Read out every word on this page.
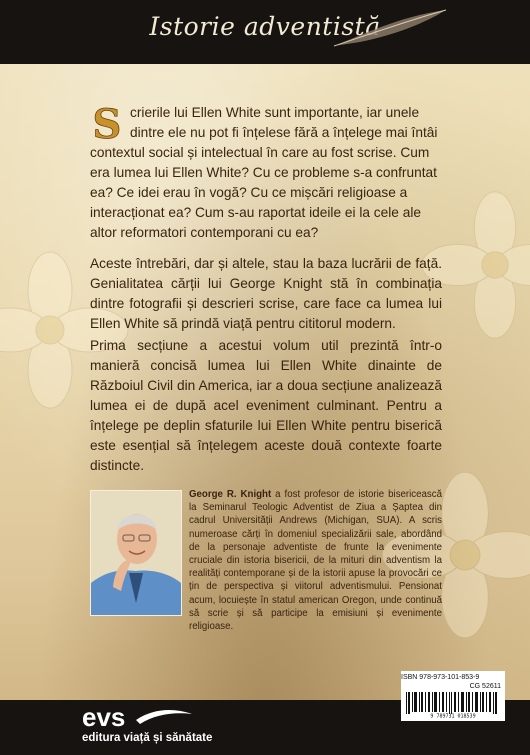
Istorie adventistă
S crierile lui Ellen White sunt importante, iar unele dintre ele nu pot fi înțelese fără a înțelege mai întâi contextul social și intelectual în care au fost scrise. Cum era lumea lui Ellen White? Cu ce probleme s-a confruntat ea? Ce idei erau în vogă? Cu ce mișcări religioase a interacționat ea? Cum s-au raportat ideile ei la cele ale altor reformatori contemporani cu ea?
Aceste întrebări, dar și altele, stau la baza lucrării de față. Genialitatea cărții lui George Knight stă în combinația dintre fotografii și descrieri scrise, care face ca lumea lui Ellen White să prindă viață pentru cititorul modern.
Prima secțiune a acestui volum util prezintă într-o manieră concisă lumea lui Ellen White dinainte de Războiul Civil din America, iar a doua secțiune analizează lumea ei de după acel eveniment culminant. Pentru a înțelege pe deplin sfaturile lui Ellen White pentru biserică este esențial să înțelegem aceste două contexte foarte distincte.
George R. Knight a fost profesor de istorie bisericească la Seminarul Teologic Adventist de Ziua a Șaptea din cadrul Universității Andrews (Michigan, SUA). A scris numeroase cărți în domeniul specializării sale, abordând de la personaje adventiste de frunte la evenimente cruciale din istoria bisericii, de la mituri din adventism la realități contemporane și de la istorii apuse la provocări ce țin de perspectiva și viitorul adventismului. Pensionat acum, locuiește în statul american Oregon, unde continuă să scrie și să participe la emisiuni și evenimente religioase.
evs
editura viață și sănătate
ISBN 978-973-101-853-9
CG 52611
9 789731 018539
